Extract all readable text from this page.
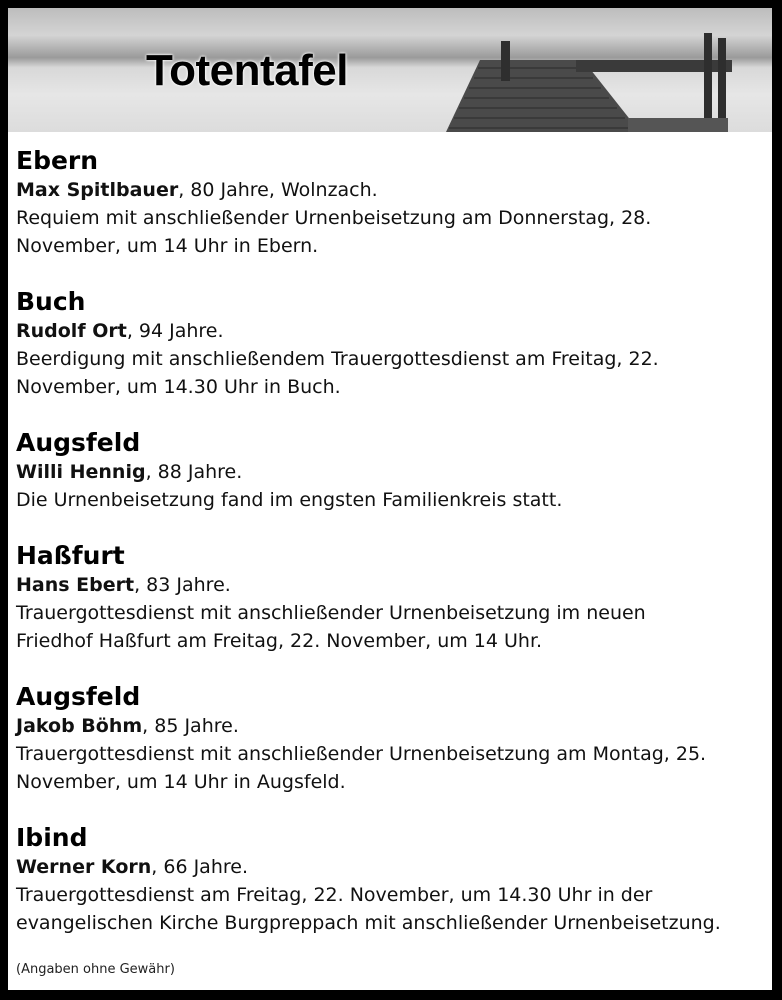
Totentafel
Ebern
Max Spitlbauer, 80 Jahre, Wolnzach.
Requiem mit anschließender Urnenbeisetzung am Donnerstag, 28.
November, um 14 Uhr in Ebern.
Buch
Rudolf Ort, 94 Jahre.
Beerdigung mit anschließendem Trauergottesdienst am Freitag, 22.
November, um 14.30 Uhr in Buch.
Augsfeld
Willi Hennig, 88 Jahre.
Die Urnenbeisetzung fand im engsten Familienkreis statt.
Haßfurt
Hans Ebert, 83 Jahre.
Trauergottesdienst mit anschließender Urnenbeisetzung im neuen
Friedhof Haßfurt am Freitag, 22. November, um 14 Uhr.
Augsfeld
Jakob Böhm, 85 Jahre.
Trauergottesdienst mit anschließender Urnenbeisetzung am Montag, 25.
November, um 14 Uhr in Augsfeld.
Ibind
Werner Korn, 66 Jahre.
Trauergottesdienst am Freitag, 22. November, um 14.30 Uhr in der
evangelischen Kirche Burgpreppach mit anschließender Urnenbeisetzung.
(Angaben ohne Gewähr)
